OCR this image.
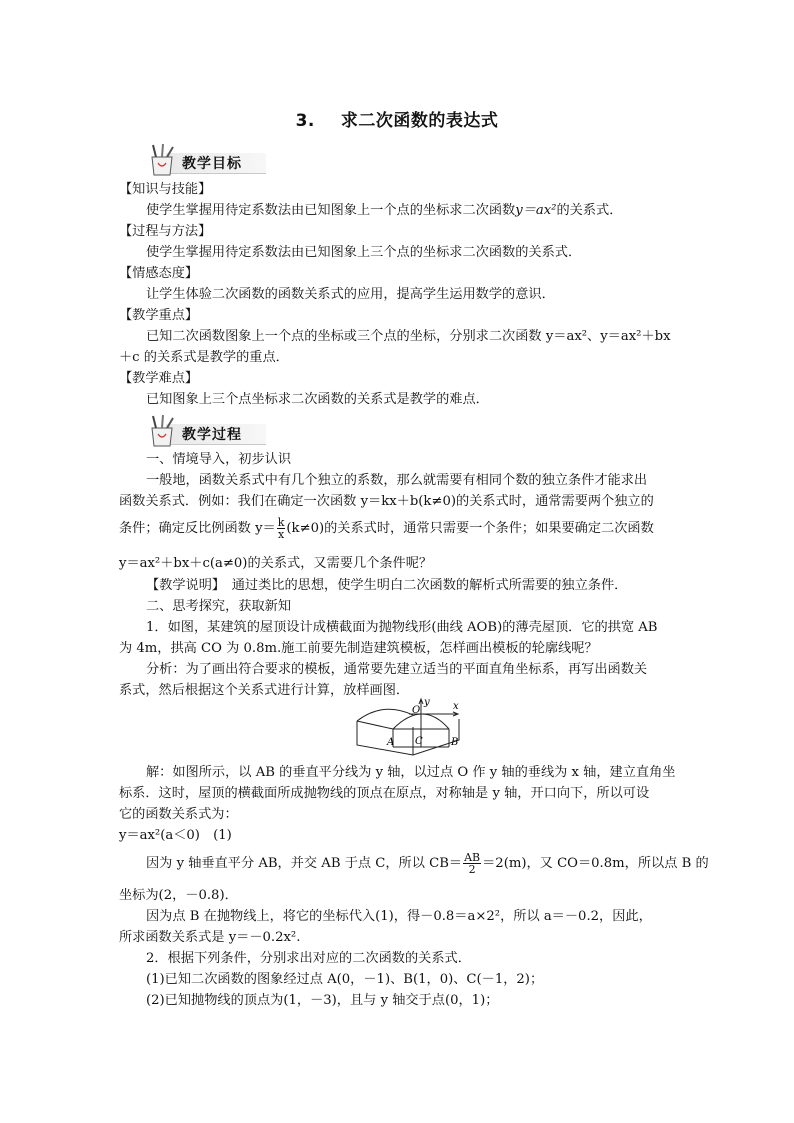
3. 求二次函数的表达式
教学目标
【知识与技能】
使学生掌握用待定系数法由已知图象上一个点的坐标求二次函数y＝ax²的关系式．
【过程与方法】
使学生掌握用待定系数法由已知图象上三个点的坐标求二次函数的关系式．
【情感态度】
让学生体验二次函数的函数关系式的应用，提高学生运用数学的意识．
【教学重点】
已知二次函数图象上一个点的坐标或三个点的坐标，分别求二次函数 y＝ax²、y＝ax²＋bx
＋c 的关系式是教学的重点．
【教学难点】
已知图象上三个点坐标求二次函数的关系式是教学的难点．
教学过程
一、情境导入，初步认识
一般地，函数关系式中有几个独立的系数，那么就需要有相同个数的独立条件才能求出
函数关系式．例如：我们在确定一次函数 y＝kx＋b(k≠0)的关系式时，通常需要两个独立的
条件；确定反比例函数 $y= \frac{k}{x} (k\ne 0)$的关系式时，通常只需要一个条件；如果要确定二次函数
y＝ax²＋bx＋c(a≠0)的关系式，又需要几个条件呢？
【教学说明】　通过类比的思想，使学生明白二次函数的解析式所需要的独立条件．
二、思考探究，获取新知
1．如图，某建筑的屋顶设计成横截面为抛物线形(曲线 AOB)的薄壳屋顶．它的拱宽 AB
为 4m，拱高 CO 为 0.8m.施工前要先制造建筑模板，怎样画出模板的轮廓线呢？
分析：为了画出符合要求的模板，通常要先建立适当的平面直角坐标系，再写出函数关
系式，然后根据这个关系式进行计算，放样画图．
O
y x
A C	B
解：如图所示，以 AB 的垂直平分线为 y 轴，以过点 O 作 y 轴的垂线为 x 轴，建立直角坐
标系．这时，屋顶的横截面所成抛物线的顶点在原点，对称轴是 y 轴，开口向下，所以可设
它的函数关系式为：
y＝ax²(a＜0)　(1)
因为 y 轴垂直平分 AB，并交 AB 于点 C，所以 $CB= \frac{AB}{2} =2(m)$，又 CO＝0.8m，所以点 B 的
坐标为(2，－0.8)．
因为点 B 在抛物线上，将它的坐标代入(1)，得－0.8＝a×2²，所以 a＝－0.2，因此，
所求函数关系式是 y＝－0.2x².
2．根据下列条件，分别求出对应的二次函数的关系式．
(1)已知二次函数的图象经过点 A(0，－1)、B(1，0)、C(－1，2)；
(2)已知抛物线的顶点为(1，－3)，且与 y 轴交于点(0，1)；
